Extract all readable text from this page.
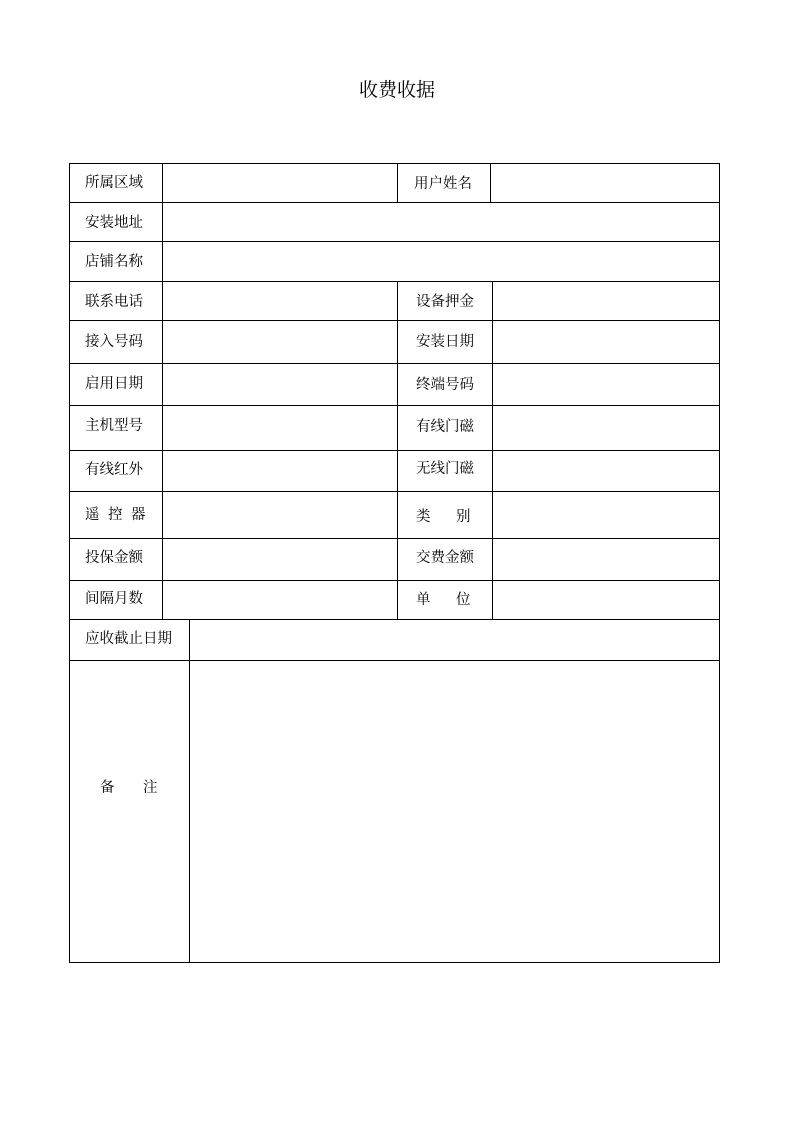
收费收据
所属区域	用户姓名
安装地址
店铺名称
联系电话	设备押金
接入号码	安装日期
启用日期	终端号码
主机型号	有线门磁
有线红外	无线门磁
遥 控 器	类 别
投保金额	交费金额
间隔月数	单 位
应收截止日期
备 注
